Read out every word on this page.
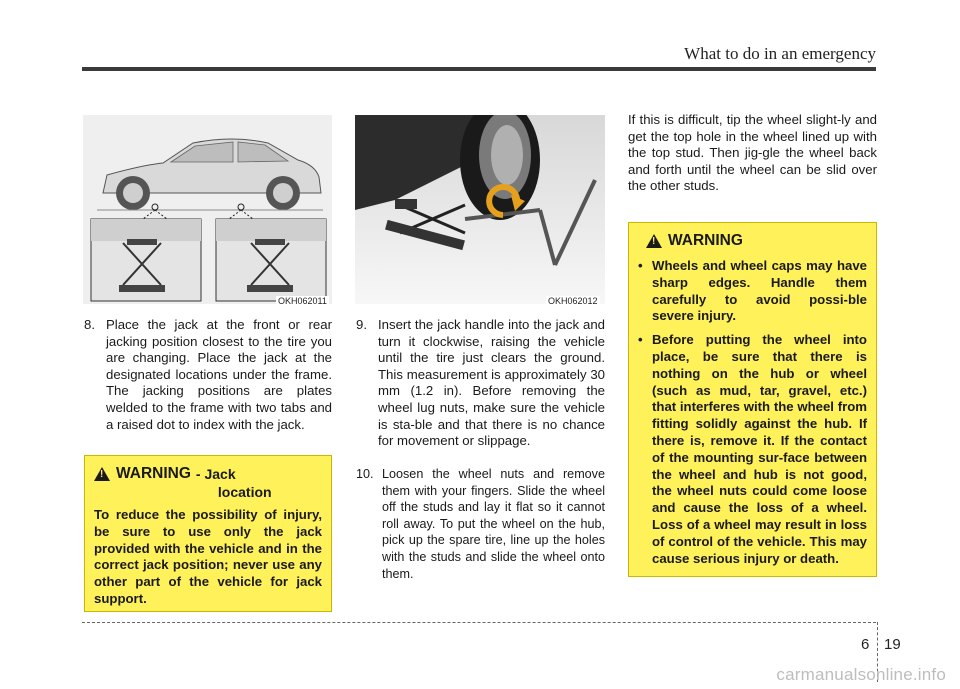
What to do in an emergency
OKH062011	OKH062012
8. Place the jack at the front or rear jacking position closest to the tire you are changing. Place the jack at the designated locations under the frame. The jacking positions are plates welded to the frame with two tabs and a raised dot to index with the jack.
9. Insert the jack handle into the jack and turn it clockwise, raising the vehicle until the tire just clears the ground. This measurement is approximately 30 mm (1.2 in). Before removing the wheel lug nuts, make sure the vehicle is sta-ble and that there is no chance for movement or slippage.
10. Loosen the wheel nuts and remove them with your fingers. Slide the wheel off the studs and lay it flat so it cannot roll away. To put the wheel on the hub, pick up the spare tire, line up the holes with the studs and slide the wheel onto them.
If this is difficult, tip the wheel slight-ly and get the top hole in the wheel lined up with the top stud. Then jig-gle the wheel back and forth until the wheel can be slid over the other studs.
!
WARNING - Jack
location
To reduce the possibility of injury, be sure to use only the jack provided with the vehicle and in the correct jack position; never use any other part of the vehicle for jack support.
!
WARNING
• Wheels and wheel caps may have sharp edges. Handle them carefully to avoid possi-ble severe injury.
• Before putting the wheel into place, be sure that there is nothing on the hub or wheel (such as mud, tar, gravel, etc.) that interferes with the wheel from fitting solidly against the hub. If there is, remove it. If the contact of the mounting sur-face between the wheel and hub is not good, the wheel nuts could come loose and cause the loss of a wheel. Loss of a wheel may result in loss of control of the vehicle. This may cause serious injury or death.
6 19
carmanualsonline.info
